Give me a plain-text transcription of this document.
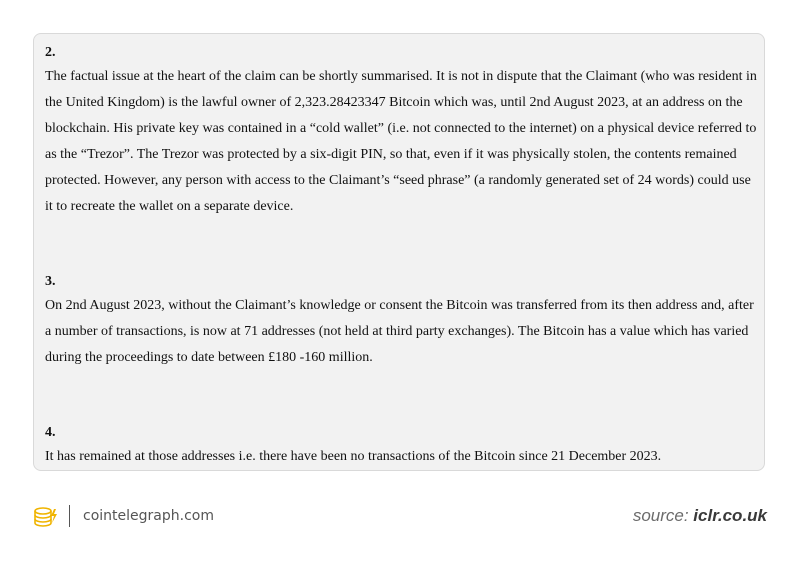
2.
The factual issue at the heart of the claim can be shortly summarised. It is not in dispute that the Claimant (who was resident in the United Kingdom) is the lawful owner of 2,323.28423347 Bitcoin which was, until 2nd August 2023, at an address on the blockchain. His private key was contained in a “cold wallet” (i.e. not connected to the internet) on a physical device referred to as the “Trezor”. The Trezor was protected by a six-digit PIN, so that, even if it was physically stolen, the contents remained protected. However, any person with access to the Claimant’s “seed phrase” (a randomly generated set of 24 words) could use it to recreate the wallet on a separate device.
3.
On 2nd August 2023, without the Claimant’s knowledge or consent the Bitcoin was transferred from its then address and, after a number of transactions, is now at 71 addresses (not held at third party exchanges). The Bitcoin has a value which has varied during the proceedings to date between £180 -160 million.
4.
It has remained at those addresses i.e. there have been no transactions of the Bitcoin since 21 December 2023.
cointelegraph.com	source: iclr.co.uk
